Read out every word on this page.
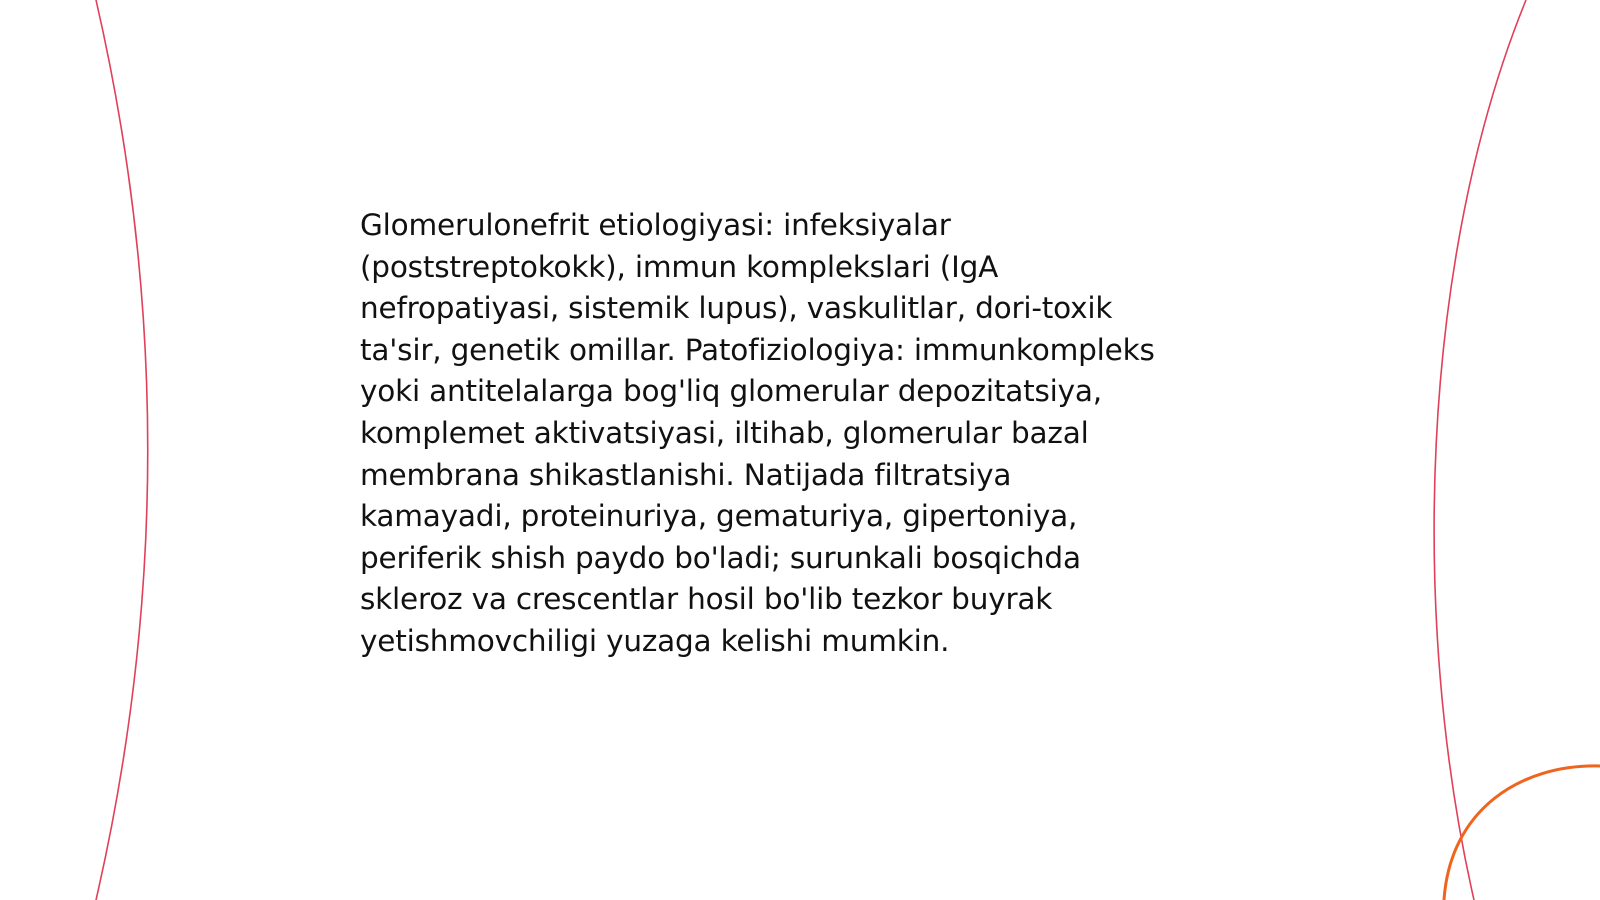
Glomerulonefrit etiologiyasi: infeksiyalar
(poststreptokokk), immun komplekslari (IgA
nefropatiyasi, sistemik lupus), vaskulitlar, dori-toxik
ta'sir, genetik omillar. Patofiziologiya: immunkompleks
yoki antitelalarga bog'liq glomerular depozitatsiya,
komplemet aktivatsiyasi, iltihab, glomerular bazal
membrana shikastlanishi. Natijada filtratsiya
kamayadi, proteinuriya, gematuriya, gipertoniya,
periferik shish paydo bo'ladi; surunkali bosqichda
skleroz va crescentlar hosil bo'lib tezkor buyrak
yetishmovchiligi yuzaga kelishi mumkin.
